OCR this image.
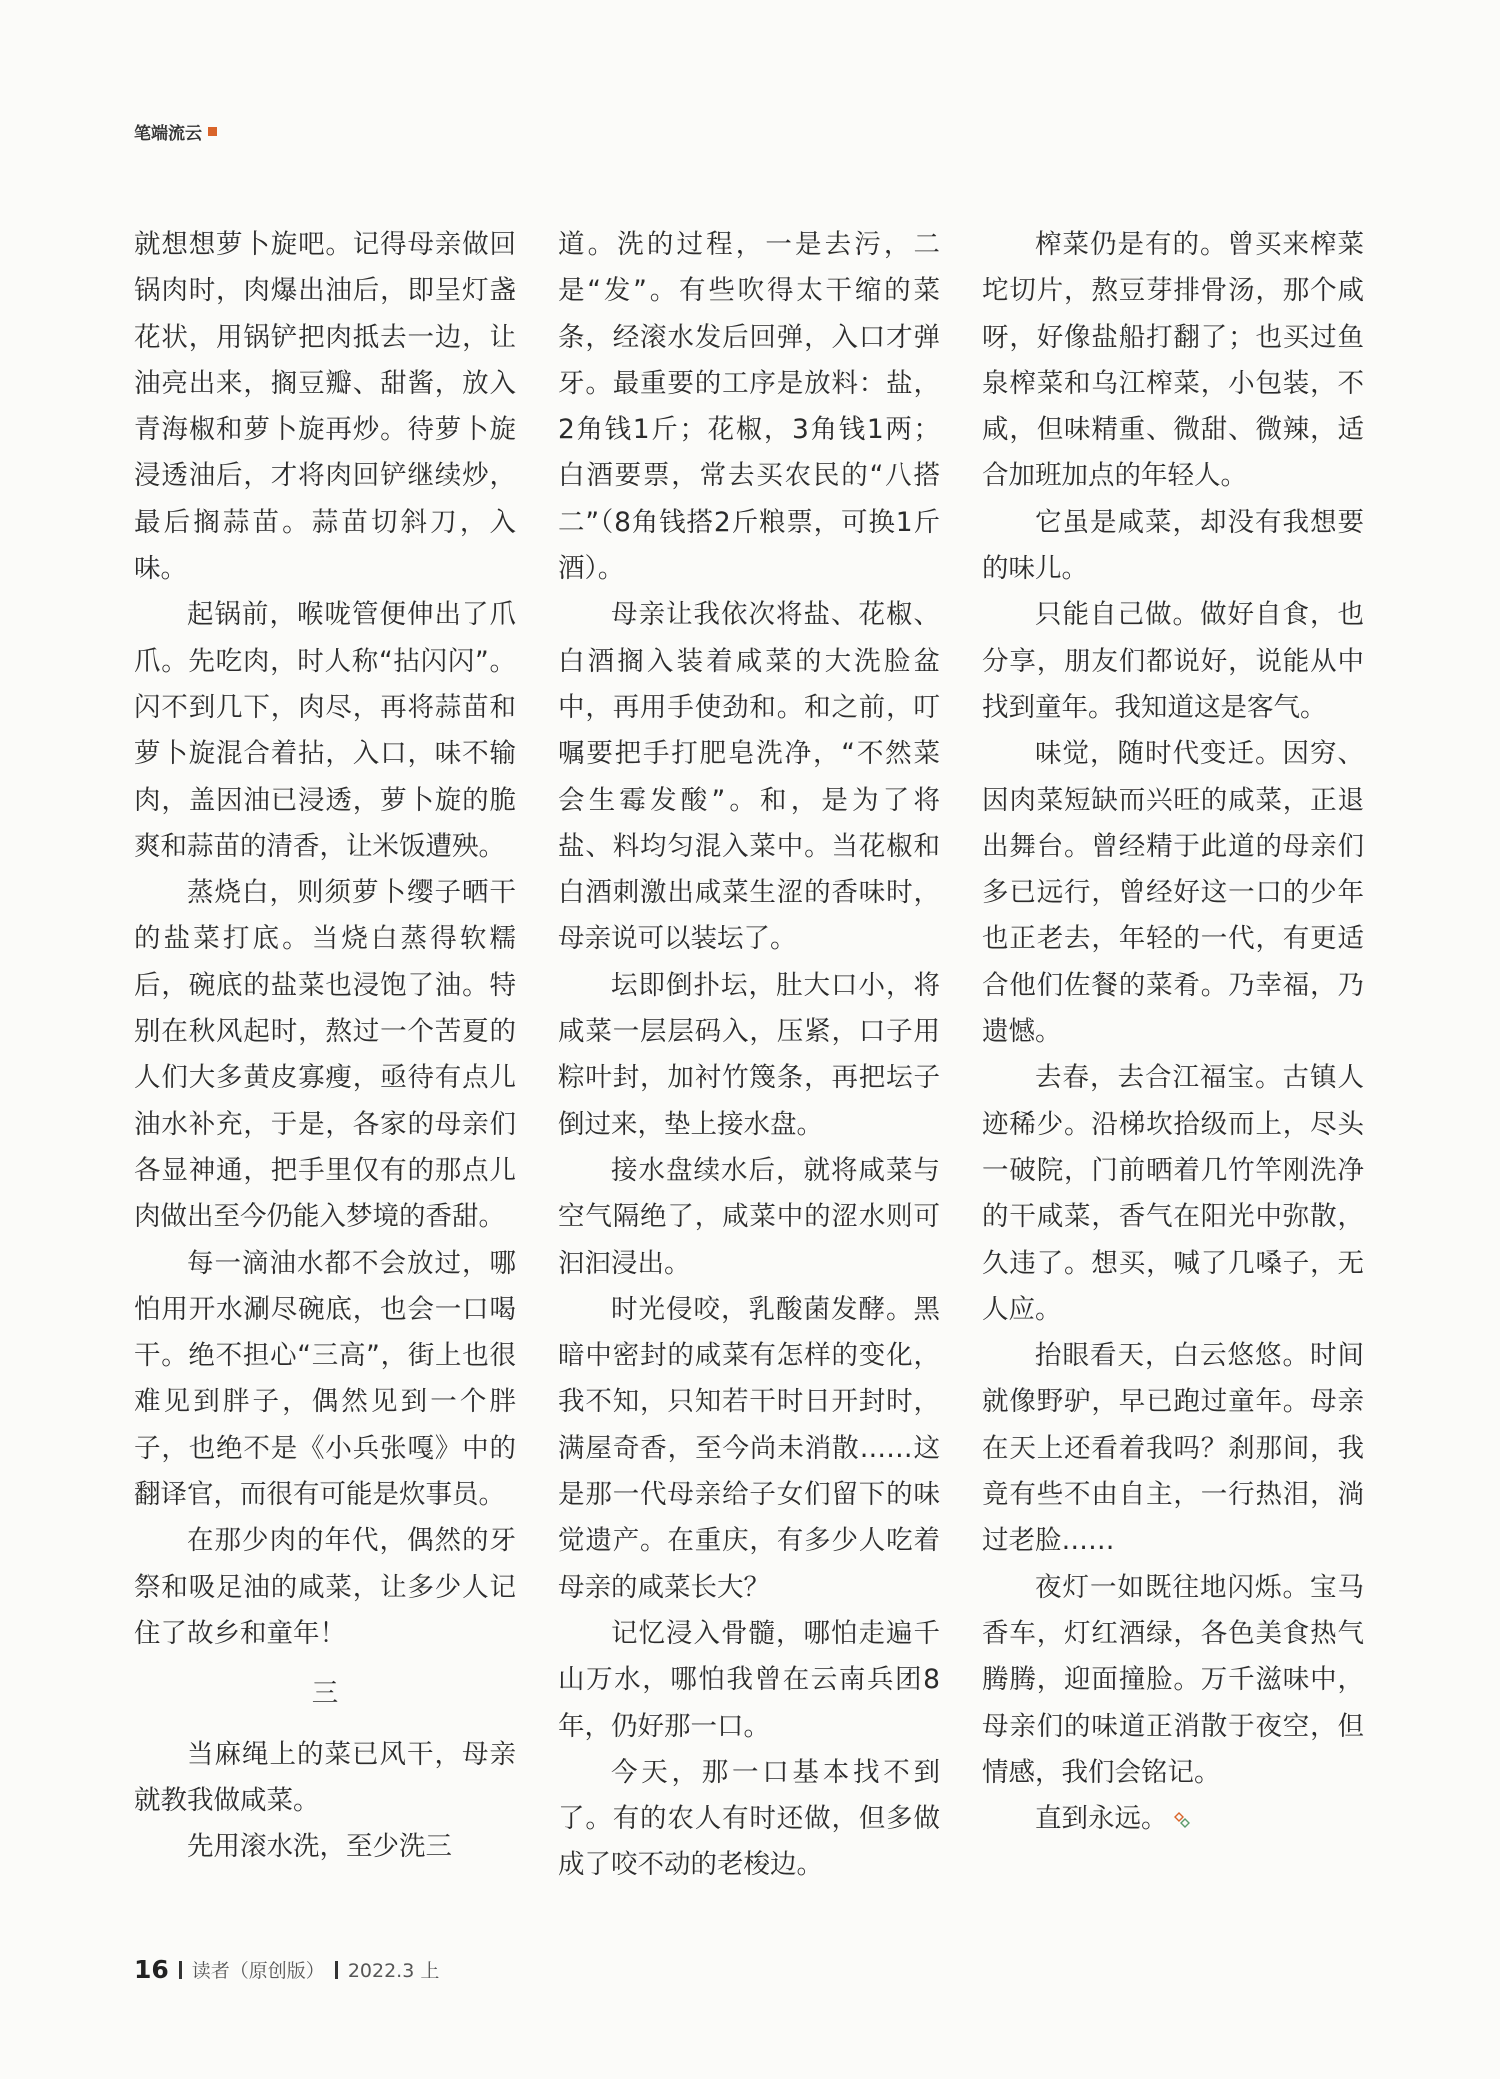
笔端流云

就想想萝卜旋吧。记得母亲做回锅肉时，肉爆出油后，即呈灯盏花状，用锅铲把肉抵去一边，让油亮出来，搁豆瓣、甜酱，放入青海椒和萝卜旋再炒。待萝卜旋浸透油后，才将肉回铲继续炒，最后搁蒜苗。蒜苗切斜刀，入味。

起锅前，喉咙管便伸出了爪爪。先吃肉，时人称“拈闪闪”。闪不到几下，肉尽，再将蒜苗和萝卜旋混合着拈，入口，味不输肉，盖因油已浸透，萝卜旋的脆爽和蒜苗的清香，让米饭遭殃。

蒸烧白，则须萝卜缨子晒干的盐菜打底。当烧白蒸得软糯后，碗底的盐菜也浸饱了油。特别在秋风起时，熬过一个苦夏的人们大多黄皮寡瘦，亟待有点儿油水补充，于是，各家的母亲们各显神通，把手里仅有的那点儿肉做出至今仍能入梦境的香甜。

每一滴油水都不会放过，哪怕用开水涮尽碗底，也会一口喝干。绝不担心“三高”，街上也很难见到胖子，偶然见到一个胖子，也绝不是《小兵张嘎》中的翻译官，而很有可能是炊事员。

在那少肉的年代，偶然的牙祭和吸足油的咸菜，让多少人记住了故乡和童年！

三

当麻绳上的菜已风干，母亲就教我做咸菜。

先用滚水洗，至少洗三

道。洗的过程，一是去污，二是“发”。有些吹得太干缩的菜条，经滚水发后回弹，入口才弹牙。最重要的工序是放料：盐，2角钱1斤；花椒，3角钱1两；白酒要票，常去买农民的“八搭二”（8角钱搭2斤粮票，可换1斤酒）。

母亲让我依次将盐、花椒、白酒搁入装着咸菜的大洗脸盆中，再用手使劲和。和之前，叮嘱要把手打肥皂洗净，“不然菜会生霉发酸”。和，是为了将盐、料均匀混入菜中。当花椒和白酒刺激出咸菜生涩的香味时，母亲说可以装坛了。

坛即倒扑坛，肚大口小，将咸菜一层层码入，压紧，口子用粽叶封，加衬竹篾条，再把坛子倒过来，垫上接水盘。

接水盘续水后，就将咸菜与空气隔绝了，咸菜中的涩水则可汩汩浸出。

时光侵咬，乳酸菌发酵。黑暗中密封的咸菜有怎样的变化，我不知，只知若干时日开封时，满屋奇香，至今尚未消散……这是那一代母亲给子女们留下的味觉遗产。在重庆，有多少人吃着母亲的咸菜长大？

记忆浸入骨髓，哪怕走遍千山万水，哪怕我曾在云南兵团8年，仍好那一口。

今天，那一口基本找不到了。有的农人有时还做，但多做成了咬不动的老梭边。

榨菜仍是有的。曾买来榨菜坨切片，熬豆芽排骨汤，那个咸呀，好像盐船打翻了；也买过鱼泉榨菜和乌江榨菜，小包装，不咸，但味精重、微甜、微辣，适合加班加点的年轻人。

它虽是咸菜，却没有我想要的味儿。

只能自己做。做好自食，也分享，朋友们都说好，说能从中找到童年。我知道这是客气。

味觉，随时代变迁。因穷、因肉菜短缺而兴旺的咸菜，正退出舞台。曾经精于此道的母亲们多已远行，曾经好这一口的少年也正老去，年轻的一代，有更适合他们佐餐的菜肴。乃幸福，乃遗憾。

去春，去合江福宝。古镇人迹稀少。沿梯坎拾级而上，尽头一破院，门前晒着几竹竿刚洗净的干咸菜，香气在阳光中弥散，久违了。想买，喊了几嗓子，无人应。

抬眼看天，白云悠悠。时间就像野驴，早已跑过童年。母亲在天上还看着我吗？刹那间，我竟有些不由自主，一行热泪，淌过老脸……

夜灯一如既往地闪烁。宝马香车，灯红酒绿，各色美食热气腾腾，迎面撞脸。万千滋味中，母亲们的味道正消散于夜空，但情感，我们会铭记。

直到永远。

16 读者（原创版） 2022.3 上
